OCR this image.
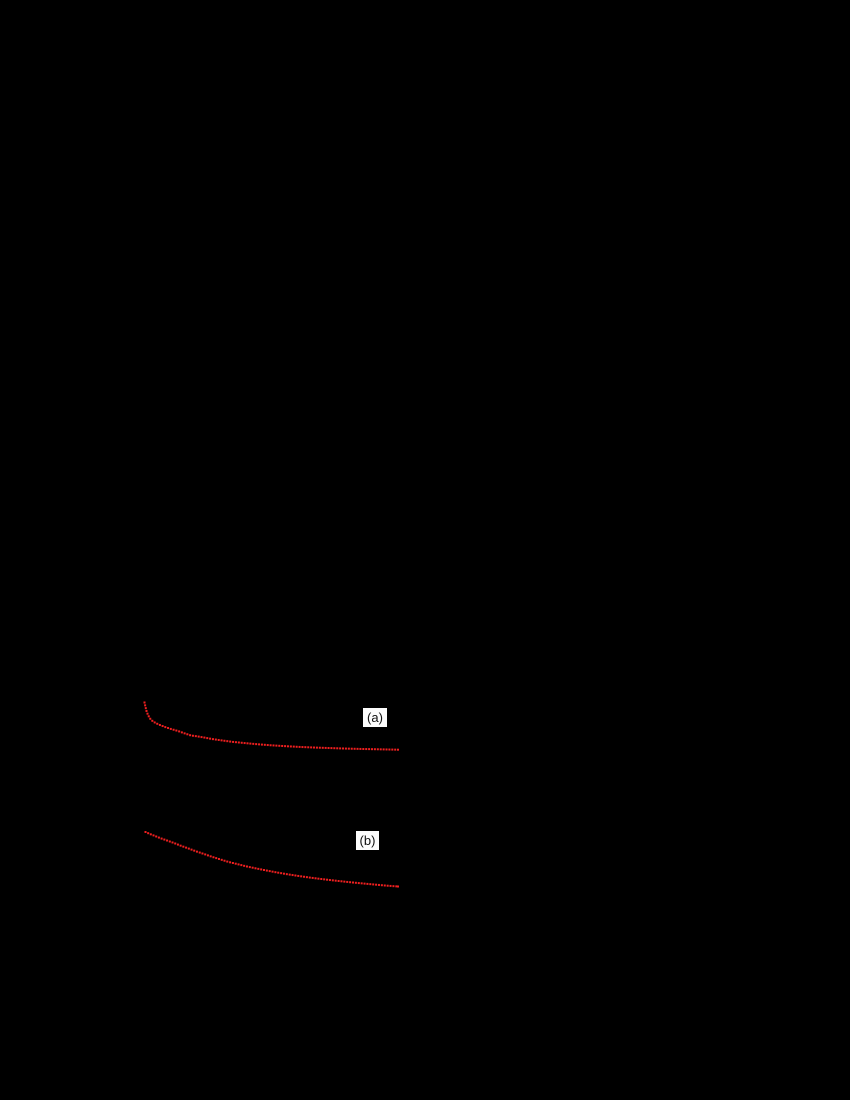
(a)
(b)
